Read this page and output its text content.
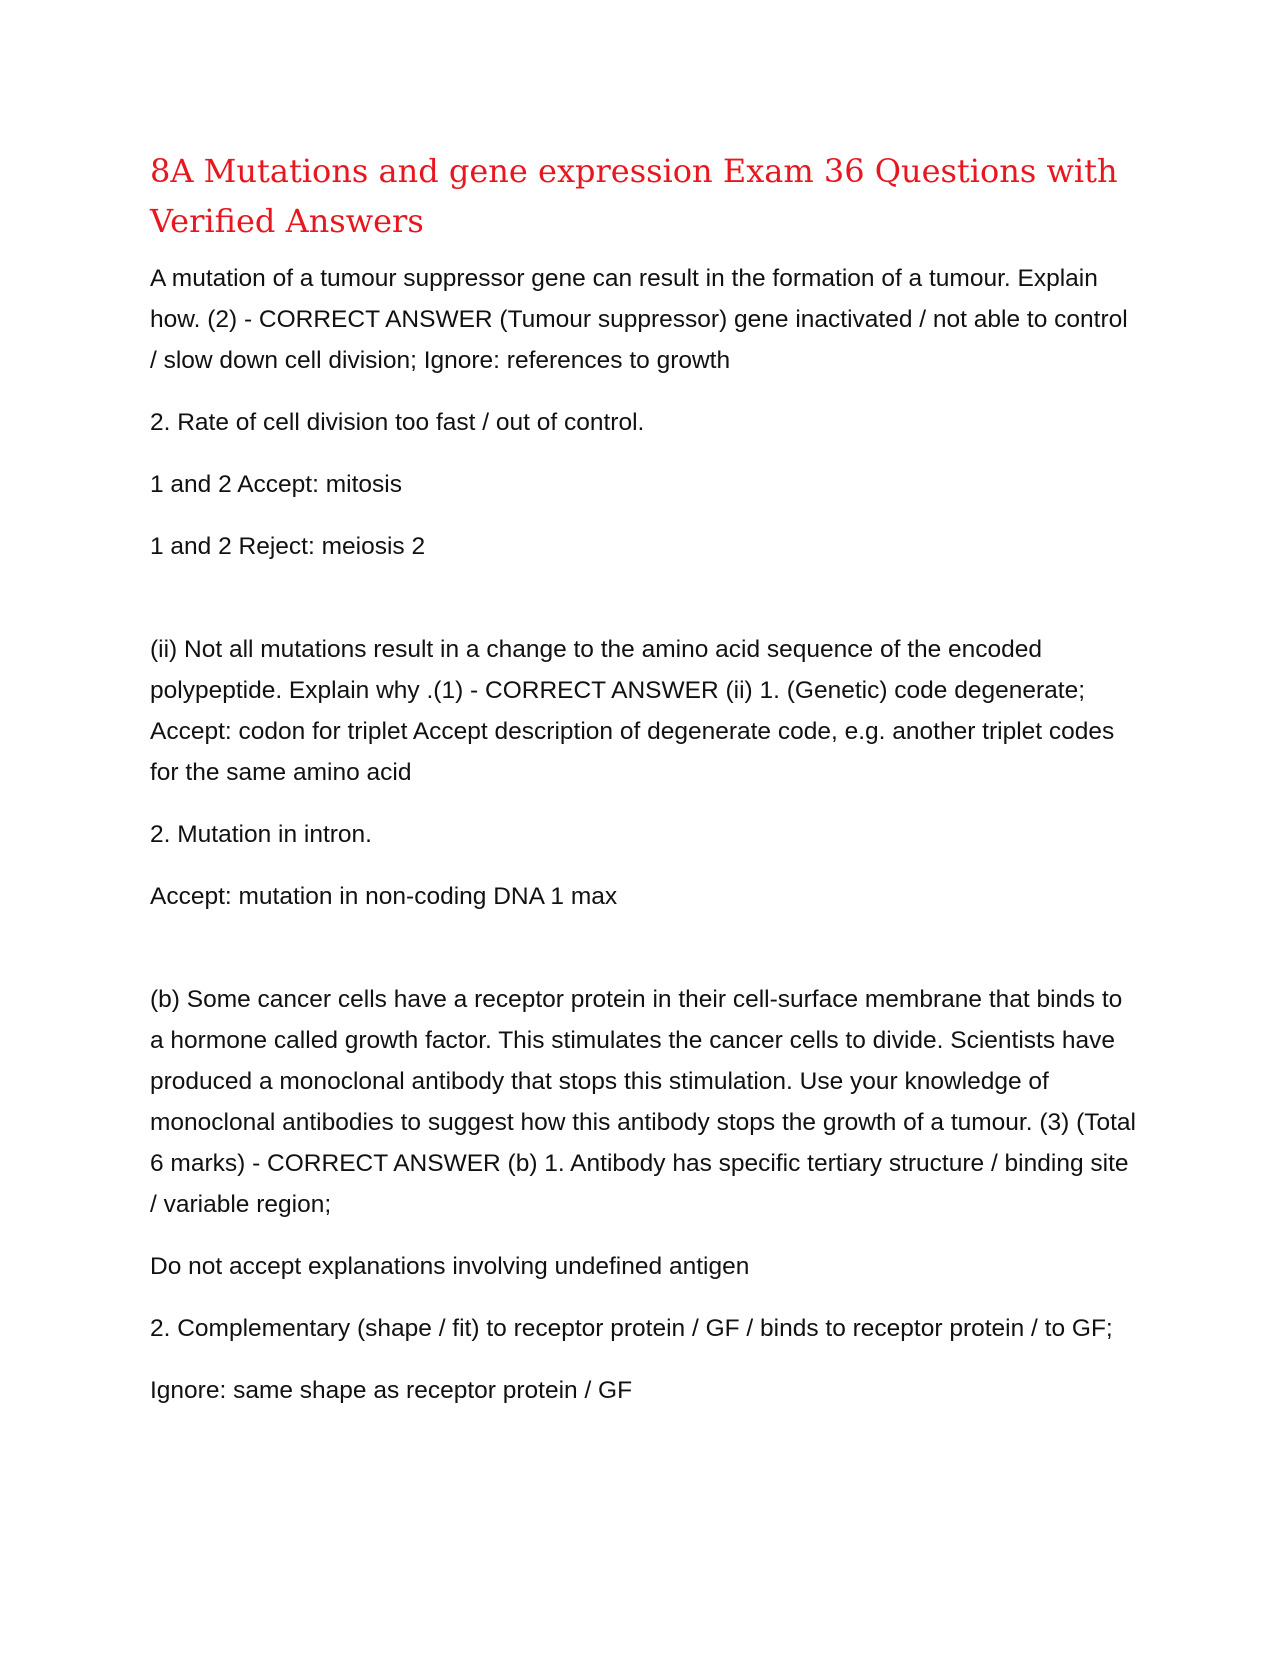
8A Mutations and gene expression Exam 36 Questions with Verified Answers

A mutation of a tumour suppressor gene can result in the formation of a tumour. Explain how. (2) - CORRECT ANSWER (Tumour suppressor) gene inactivated / not able to control / slow down cell division; Ignore: references to growth

2. Rate of cell division too fast / out of control.

1 and 2 Accept: mitosis

1 and 2 Reject: meiosis 2

(ii) Not all mutations result in a change to the amino acid sequence of the encoded polypeptide. Explain why .(1) - CORRECT ANSWER (ii) 1. (Genetic) code degenerate; Accept: codon for triplet Accept description of degenerate code, e.g. another triplet codes for the same amino acid

2. Mutation in intron.

Accept: mutation in non-coding DNA 1 max

(b) Some cancer cells have a receptor protein in their cell-surface membrane that binds to a hormone called growth factor. This stimulates the cancer cells to divide. Scientists have produced a monoclonal antibody that stops this stimulation. Use your knowledge of monoclonal antibodies to suggest how this antibody stops the growth of a tumour. (3) (Total 6 marks) - CORRECT ANSWER (b) 1. Antibody has specific tertiary structure / binding site / variable region;

Do not accept explanations involving undefined antigen

2. Complementary (shape / fit) to receptor protein / GF / binds to receptor protein / to GF;

Ignore: same shape as receptor protein / GF
